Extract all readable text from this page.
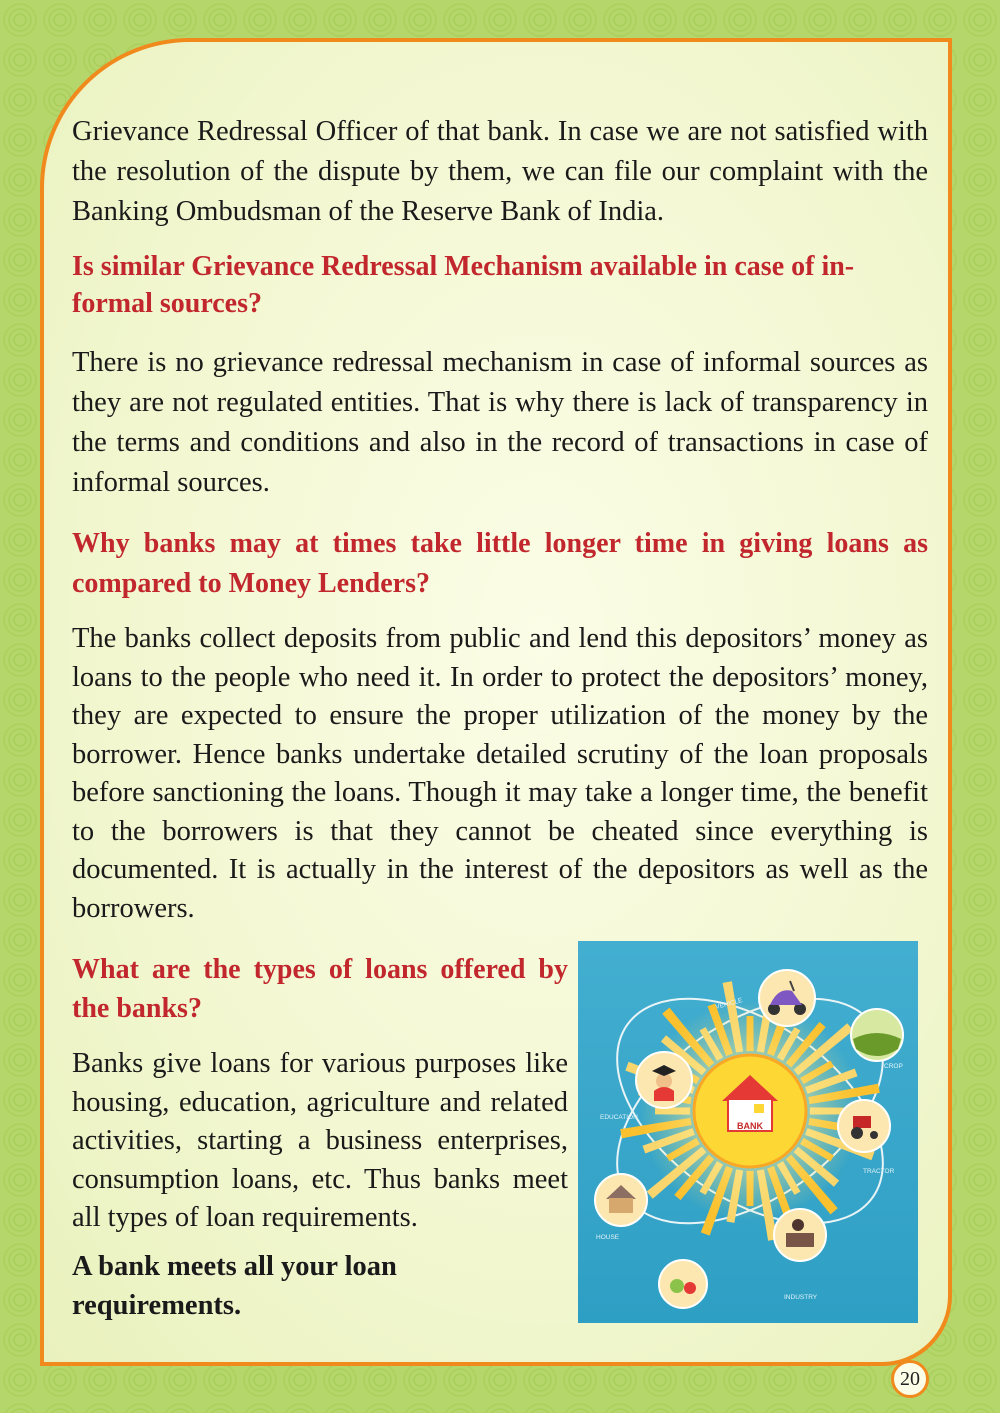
Grievance Redressal Officer of that bank. In case we are not satisfied with the resolution of the dispute by them, we can file our complaint with the Banking Ombudsman of the Reserve Bank of India.

Is similar Grievance Redressal Mechanism available in case of in-
formal sources?

There is no grievance redressal mechanism in case of informal sources as they are not regulated entities. That is why there is lack of transparency in the terms and conditions and also in the record of transactions in case of informal sources.

Why banks may at times take little longer time in giving loans as compared to Money Lenders?

The banks collect deposits from public and lend this depositors’ money as loans to the people who need it. In order to protect the depositors’ money, they are expected to ensure the proper utilization of the money by the borrower. Hence banks undertake detailed scrutiny of the loan proposals before sanctioning the loans. Though it may take a longer time, the benefit to the borrowers is that they cannot be cheated since everything is documented. It is actually in the interest of the depositors as well as the borrowers.

What are the types of loans offered by the banks?

Banks give loans for various purposes like housing, education, agriculture and related activities, starting a business enterprises, consumption loans, etc. Thus banks meet all types of loan requirements.

A bank meets all your loan requirements.

BANK
VEHICLE
CROP
TRACTOR
INDUSTRY
HOUSE
EDUCATION
20
